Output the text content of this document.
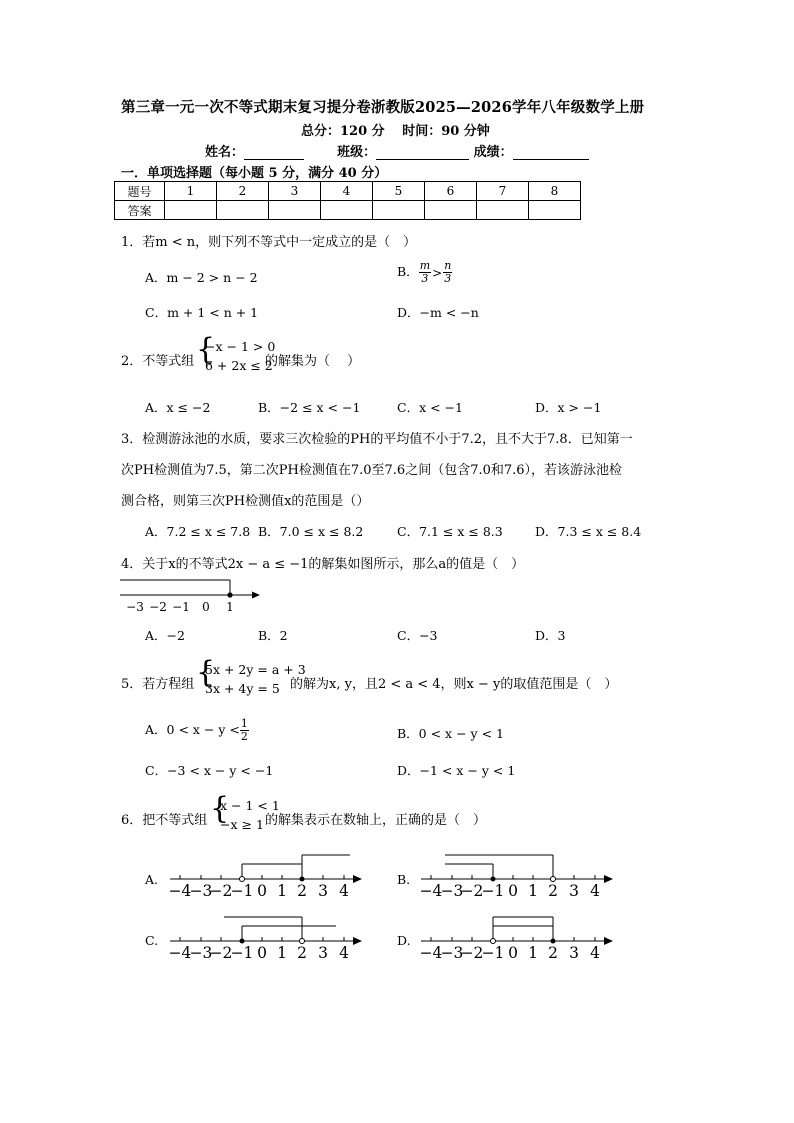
第三章一元一次不等式期末复习提分卷浙教版2025—2026学年八年级数学上册
总分：120 分　 时间：90 分钟
姓名：	班级：	成绩：
一．单项选择题（每小题 5 分，满分 40 分）
题号	1	2	3	4	5	6	7	8
答案								
1．若m < n，则下列不等式中一定成立的是（　）
A．m − 2 > n − 2	B． $\frac{m}{3} > \frac{n}{3}$
C．m + 1 < n + 1	D．−m < −n
2．不等式组 {
−x − 1 > 0
6 + 2x ≤ 2
的解集为（　 ）
A．x ≤ −2	B．−2 ≤ x < −1	C．x < −1	D．x > −1
3．检测游泳池的水质，要求三次检验的PH的平均值不小于7.2，且不大于7.8．已知第一
次PH检测值为7.5，第二次PH检测值在7.0至7.6之间（包含7.0和7.6），若该游泳池检
测合格，则第三次PH检测值x的范围是（）
A．7.2 ≤ x ≤ 7.8 B．7.0 ≤ x ≤ 8.2	C．7.1 ≤ x ≤ 8.3	D．7.3 ≤ x ≤ 8.4
4．关于x的不等式2x − a ≤ −1的解集如图所示，那么a的值是（　）
−3 −2 −1 0 1
A．−2	B．2	C．−3	D．3
5．若方程组 {
5x + 2y = a + 3
3x + 4y = 5 的解为x, y，且2 < a < 4，则x − y的取值范围是（　）
A．$0 < x - y < \frac{1}{2}$	B．0 < x − y < 1
C．−3 < x − y < −1	D．−1 < x − y < 1
6．把不等式组 {
x − 1 < 1
−x ≥ 1 的解集表示在数轴上，正确的是（　）
A.	B.
C.	D.
−4
−3
−2
−1 0 1 2 3 4	−4
−3
−2
−1 0 1 2 3 4
−4
−3
−2
−1 0 1 2 3 4	−4
−3
−2
−1 0 1 2 3 4
